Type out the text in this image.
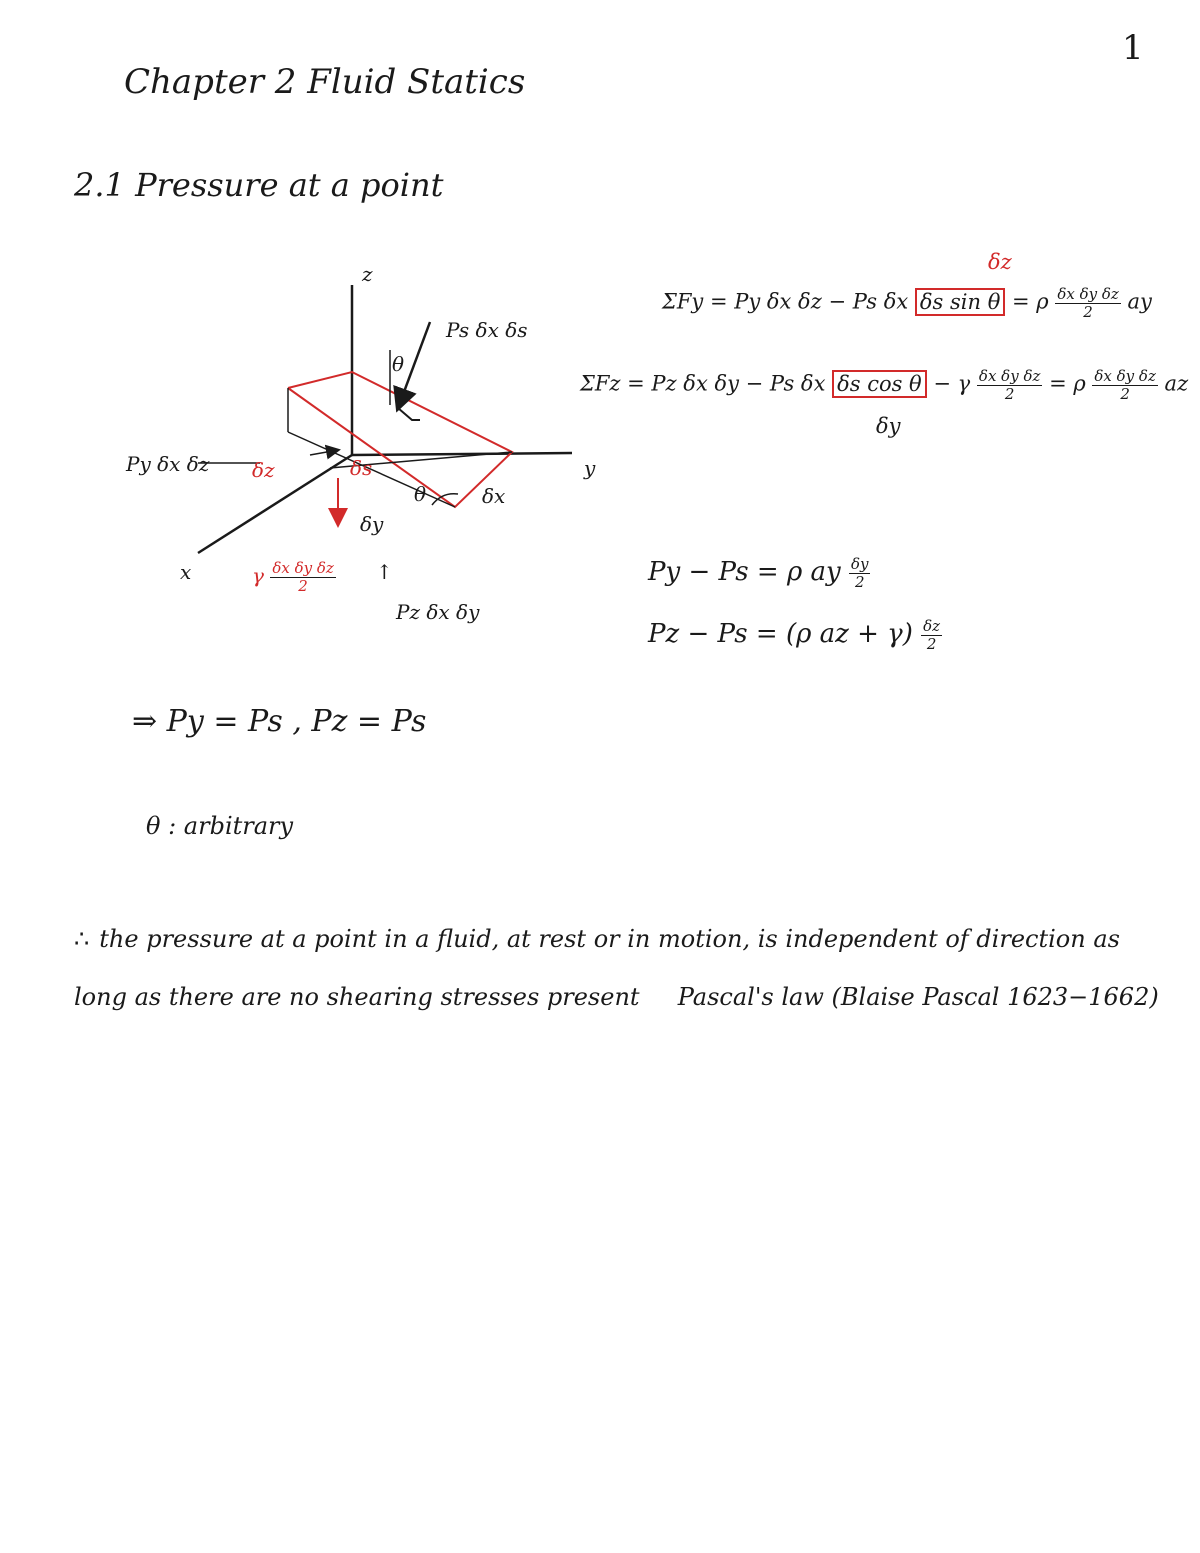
1
Chapter 2 Fluid Statics
2.1 Pressure at a point
z
y
x
Ps δx δs
Py δx δz
Pz δx δy
θ
θ
δz	δs
δx
δy
γ $\frac{\text{δx δy δz}}{2}$ ↑
δz
ΣFy = Py δx δz − Ps δx δs sin θ = ρ $\frac{\text{δx δy δz}}{2}$ ay
ΣFz = Pz δx δy − Ps δx δs cos θ − γ $\frac{\text{δx δy δz}}{2} = \rho \frac{\text{δx δy δz}}{2}$ az
δy
Py − Ps = ρ ay $\frac{\delta y}{2}$
Pz − Ps = (ρ az + $\gamma) \frac{\delta z}{2}$
⇒ Py = Ps , Pz = Ps
θ : arbitrary
∴ the pressure at a point in a fluid, at rest or in motion, is independent of direction as long as there are no shearing stresses present Pascal's law (Blaise Pascal 1623−1662)
